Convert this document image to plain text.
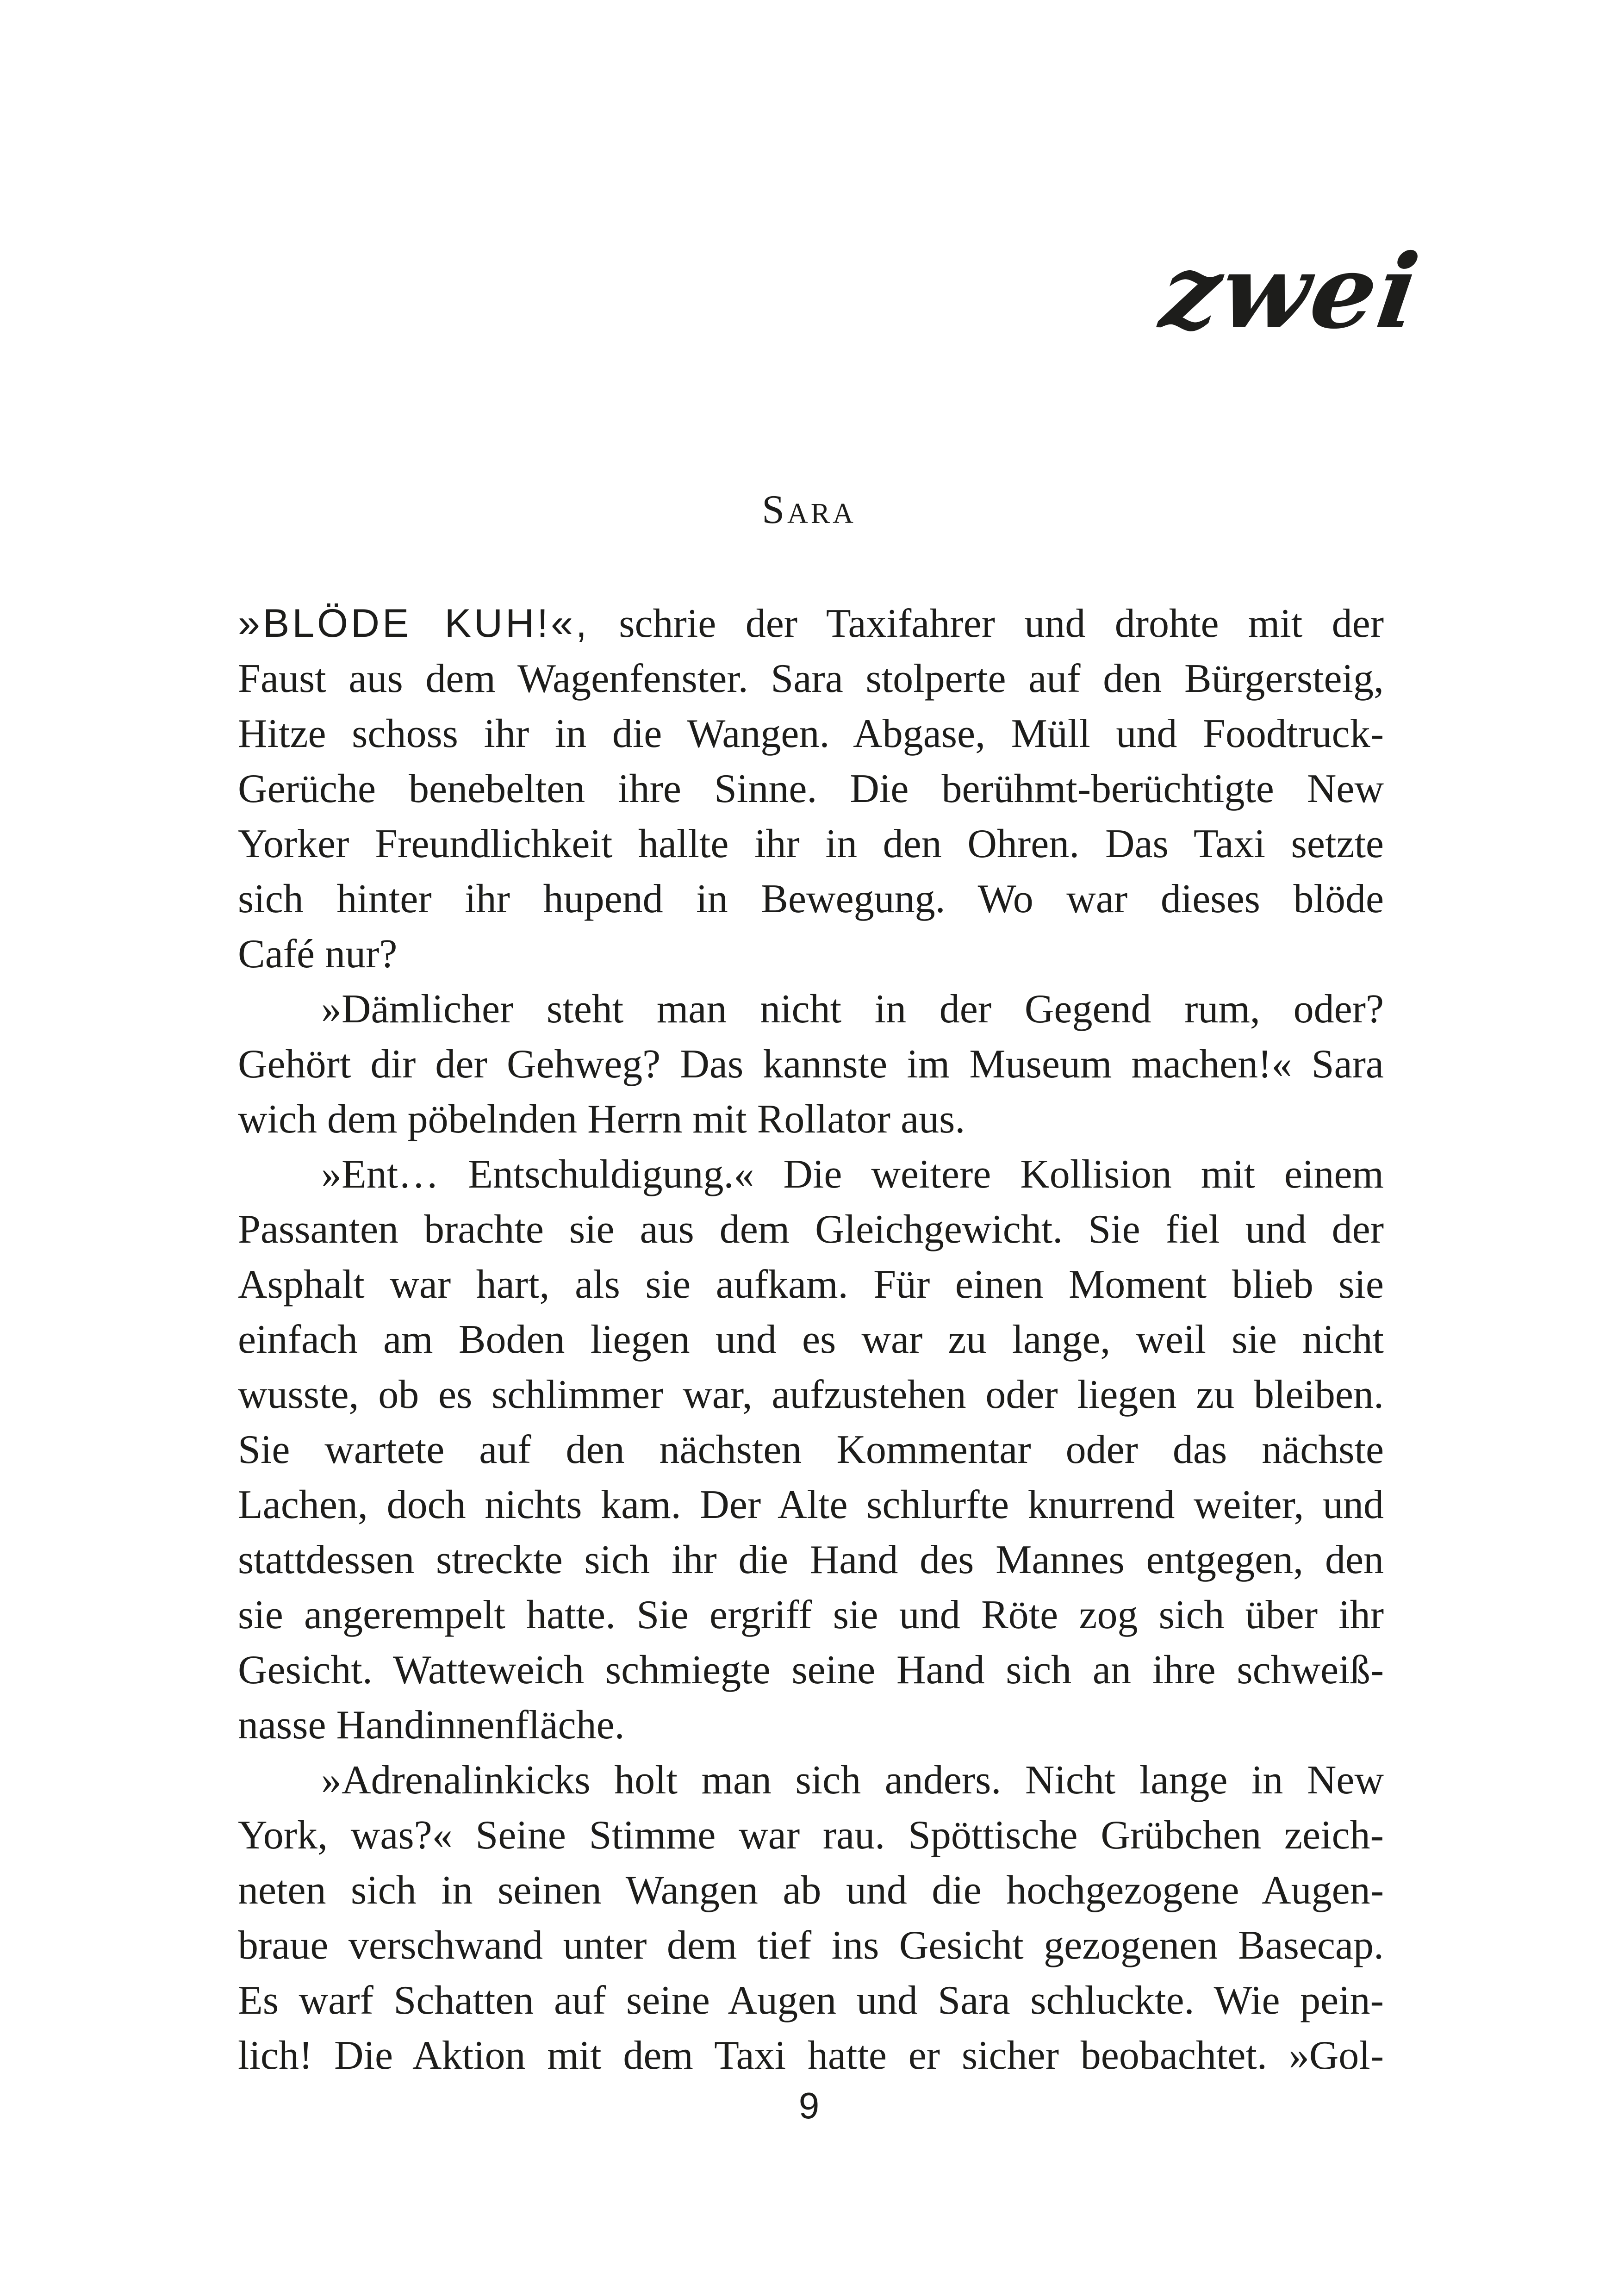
zwei
Sara
»BLÖDE KUH!«, schrie der Taxifahrer und drohte mit der
Faust aus dem Wagenfenster. Sara stolperte auf den Bürgersteig,
Hitze schoss ihr in die Wangen. Abgase, Müll und Foodtruck-
Gerüche benebelten ihre Sinne. Die berühmt-berüchtigte New
Yorker Freundlichkeit hallte ihr in den Ohren. Das Taxi setzte
sich hinter ihr hupend in Bewegung. Wo war dieses blöde
Café nur?
»Dämlicher steht man nicht in der Gegend rum, oder?
Gehört dir der Gehweg? Das kannste im Museum machen!« Sara
wich dem pöbelnden Herrn mit Rollator aus.
»Ent… Entschuldigung.« Die weitere Kollision mit einem
Passanten brachte sie aus dem Gleichgewicht. Sie fiel und der
Asphalt war hart, als sie aufkam. Für einen Moment blieb sie
einfach am Boden liegen und es war zu lange, weil sie nicht
wusste, ob es schlimmer war, aufzustehen oder liegen zu bleiben.
Sie wartete auf den nächsten Kommentar oder das nächste
Lachen, doch nichts kam. Der Alte schlurfte knurrend weiter, und
stattdessen streckte sich ihr die Hand des Mannes entgegen, den
sie angerempelt hatte. Sie ergriff sie und Röte zog sich über ihr
Gesicht. Watteweich schmiegte seine Hand sich an ihre schweiß-
nasse Handinnenfläche.
»Adrenalinkicks holt man sich anders. Nicht lange in New
York, was?« Seine Stimme war rau. Spöttische Grübchen zeich-
neten sich in seinen Wangen ab und die hochgezogene Augen-
braue verschwand unter dem tief ins Gesicht gezogenen Basecap.
Es warf Schatten auf seine Augen und Sara schluckte. Wie pein-
lich! Die Aktion mit dem Taxi hatte er sicher beobachtet. »Gol-
9
